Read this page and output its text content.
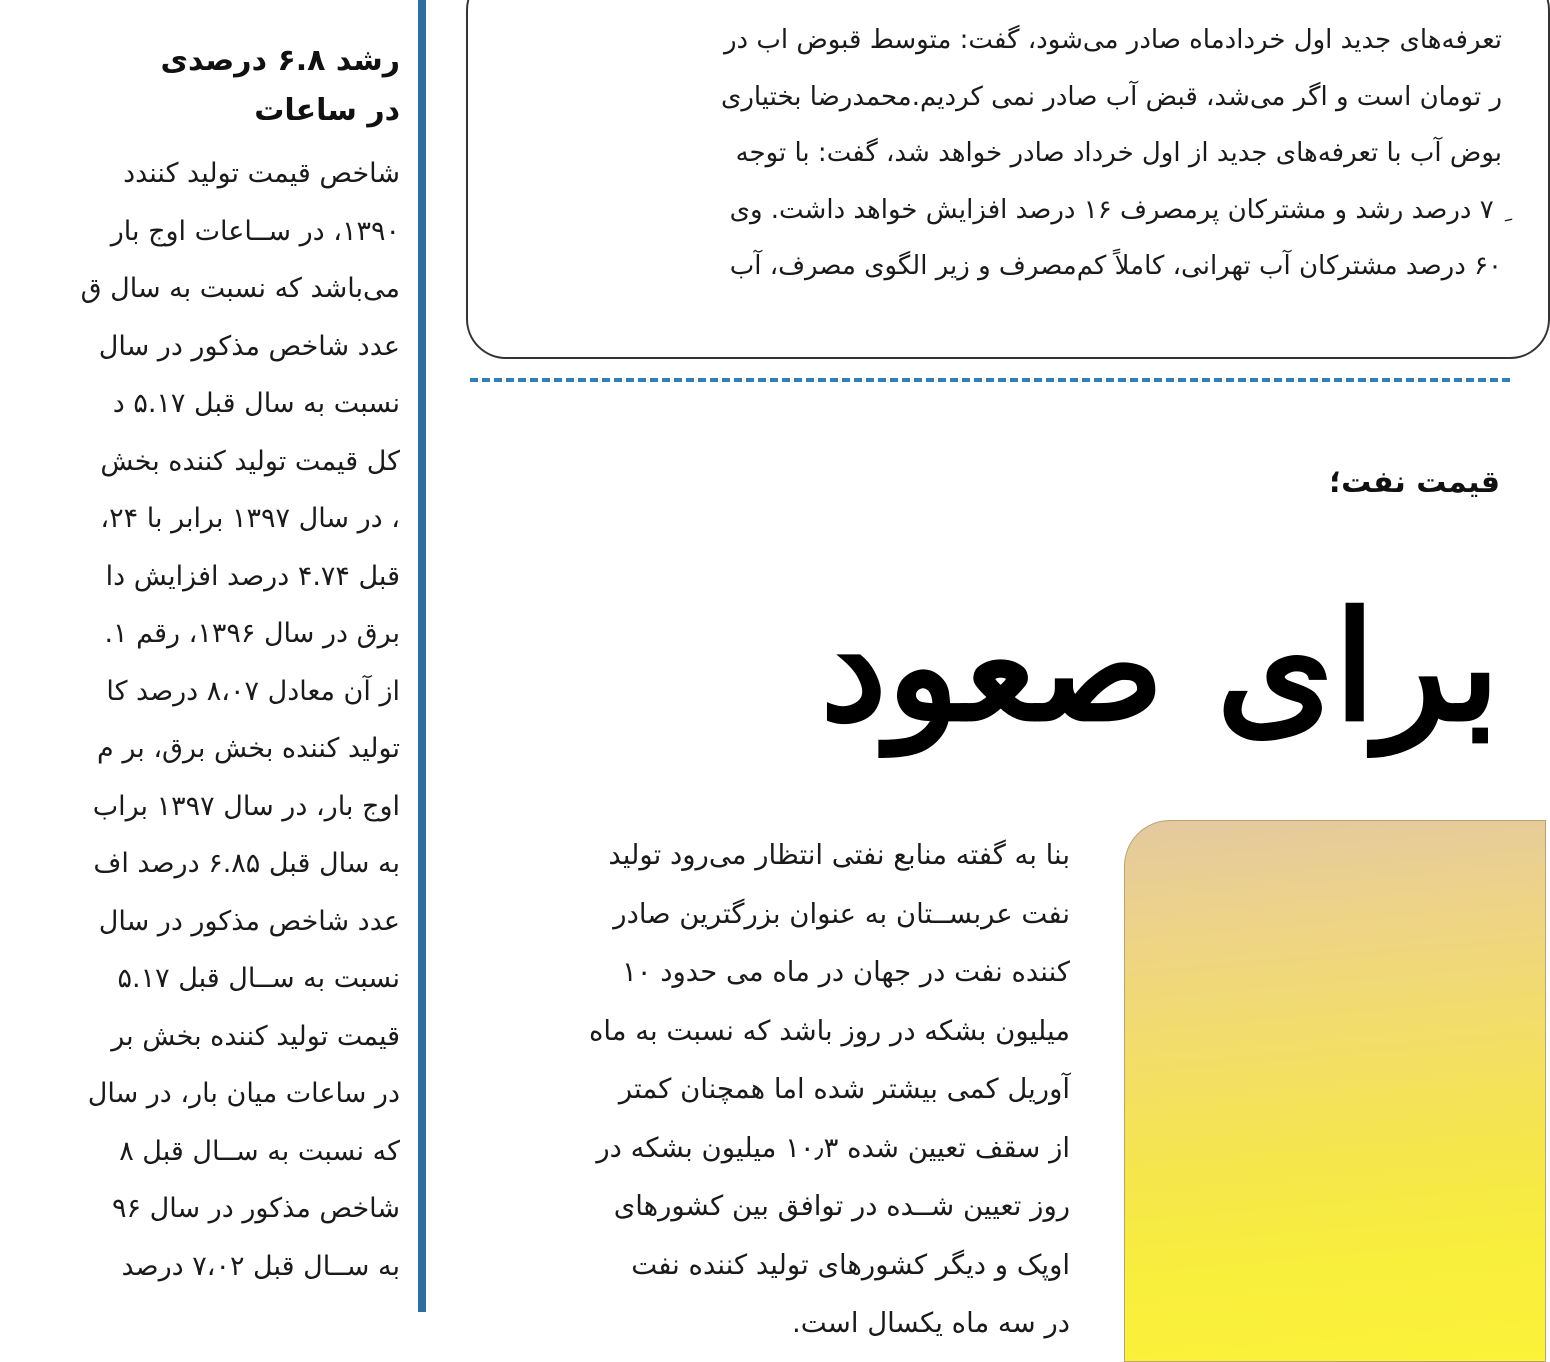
رشد ۶.۸ درصدی
در ساعات
شاخص قیمت تولید کنندد
۱۳۹۰، در ســاعات اوج بار
می‌باشد که نسبت به سال ق
عدد شاخص مذکور در سال
نسبت به سال قبل ۵.۱۷ د
کل قیمت تولید کننده بخش
، در سال ۱۳۹۷ برابر با ۲۴،
قبل ۴.۷۴ درصد افزایش دا
برق در سال ۱۳۹۶، رقم ۱.
از آن معادل ۸،۰۷ درصد کا
تولید کننده بخش برق، بر م
اوج بار، در سال ۱۳۹۷ براب
به سال قبل ۶.۸۵ درصد اف
عدد شاخص مذکور در سال
نسبت به ســال قبل ۵.۱۷
قیمت تولید کننده بخش بر
در ساعات میان بار، در سال
که نسبت به ســال قبل ۸
شاخص مذکور در سال ۹۶
به ســال قبل ۷،۰۲ درصد
تعرفه‌های جدید اول خردادماه صادر می‌شود، گفت: متوسط قبوض اب در
ر تومان است و اگر می‌شد، قبض آب صادر نمی کردیم.محمدرضا بختیاری
بوض آب با تعرفه‌های جدید از اول خرداد صادر خواهد شد، گفت: با توجه
ِ ۷ درصد رشد و مشترکان پرمصرف ۱۶ درصد افزایش خواهد داشت. وی
۶۰ درصد مشترکان آب تهرانی، کاملاً کم‌مصرف و زیر الگوی مصرف، آب
قیمت نفت؛
برای صعود
بنا به گفته منابع نفتی انتظار می‌رود تولید
نفت عربســتان به عنوان بزرگترین صادر
کننده نفت در جهان در ماه می حدود ۱۰
میلیون بشکه در روز باشد که نسبت به ماه
آوریل کمی بیشتر شده اما همچنان کمتر
از سقف تعیین شده ۱۰٫۳ میلیون بشکه در
روز تعیین شــده در توافق بین کشورهای
اوپک و دیگر کشورهای تولید کننده نفت
در سه ماه یکسال است.
